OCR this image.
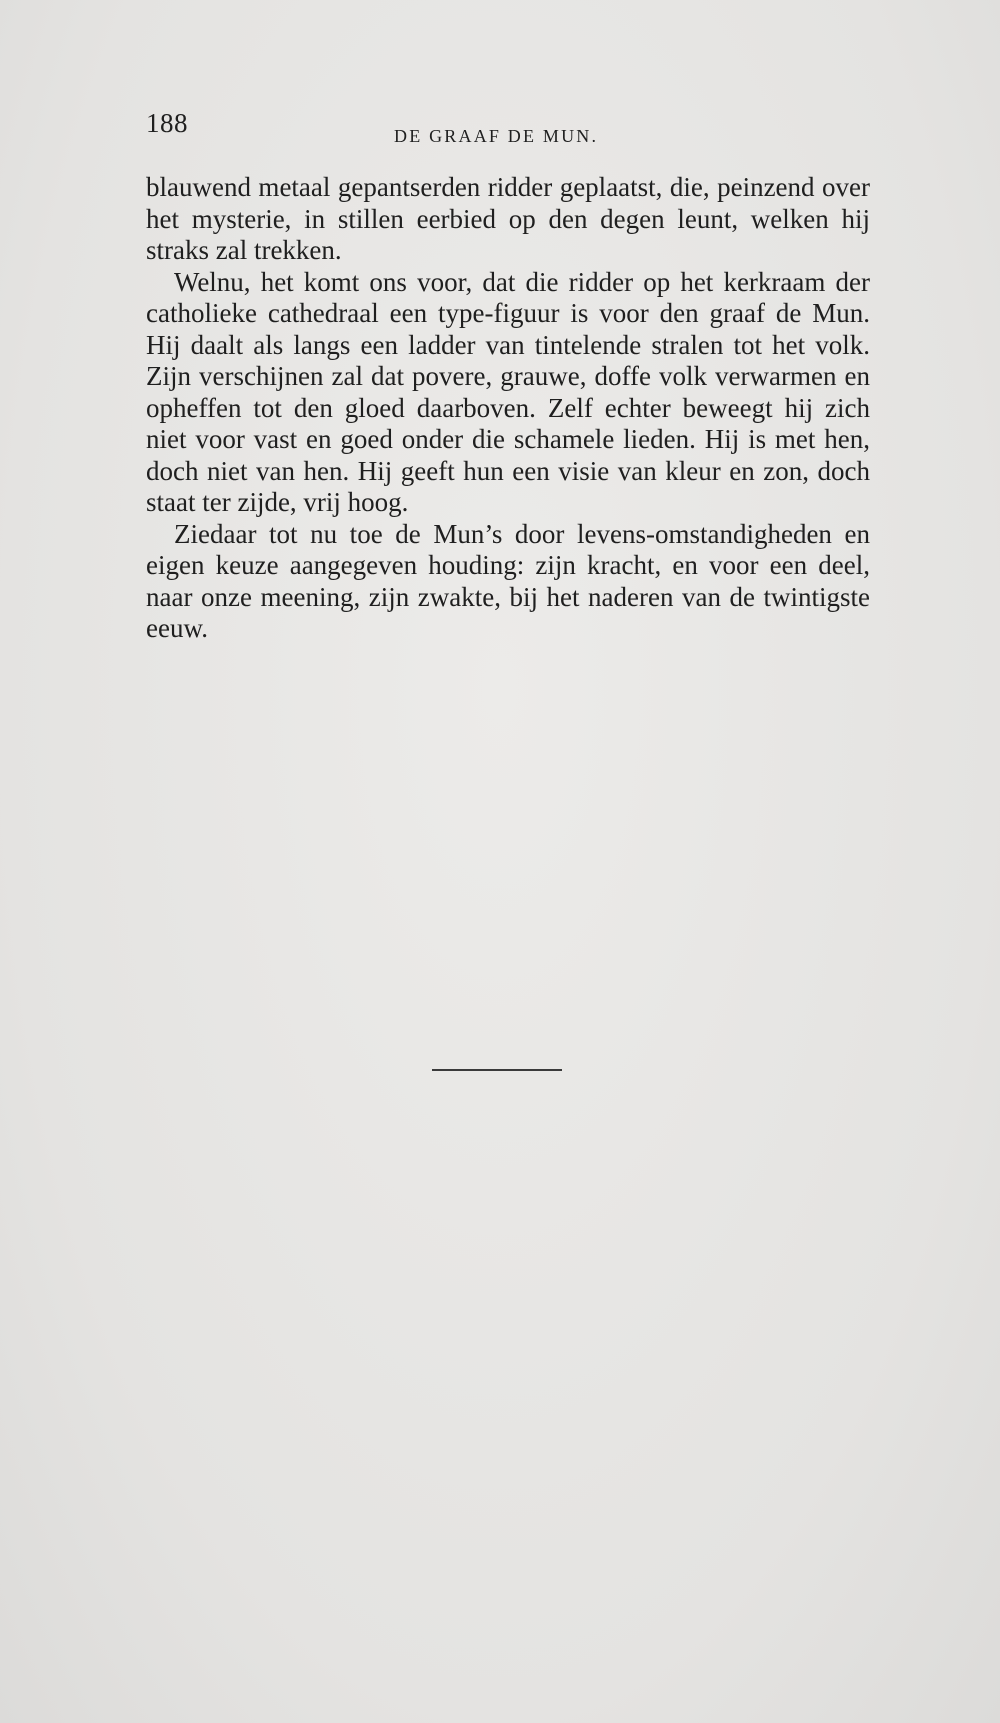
188	DE GRAAF DE MUN.

blauwend metaal gepantserden ridder geplaatst, die, peinzend over het mysterie, in stillen eerbied op den degen leunt, welken hij straks zal trekken.

Welnu, het komt ons voor, dat die ridder op het kerkraam der catholieke cathedraal een type-figuur is voor den graaf de Mun. Hij daalt als langs een ladder van tintelende stralen tot het volk. Zijn verschijnen zal dat povere, grauwe, doffe volk verwarmen en opheffen tot den gloed daarboven. Zelf echter beweegt hij zich niet voor vast en goed onder die schamele lieden. Hij is met hen, doch niet van hen. Hij geeft hun een visie van kleur en zon, doch staat ter zijde, vrij hoog.

Ziedaar tot nu toe de Mun’s door levens-omstandigheden en eigen keuze aangegeven houding: zijn kracht, en voor een deel, naar onze meening, zijn zwakte, bij het naderen van de twintigste eeuw.
